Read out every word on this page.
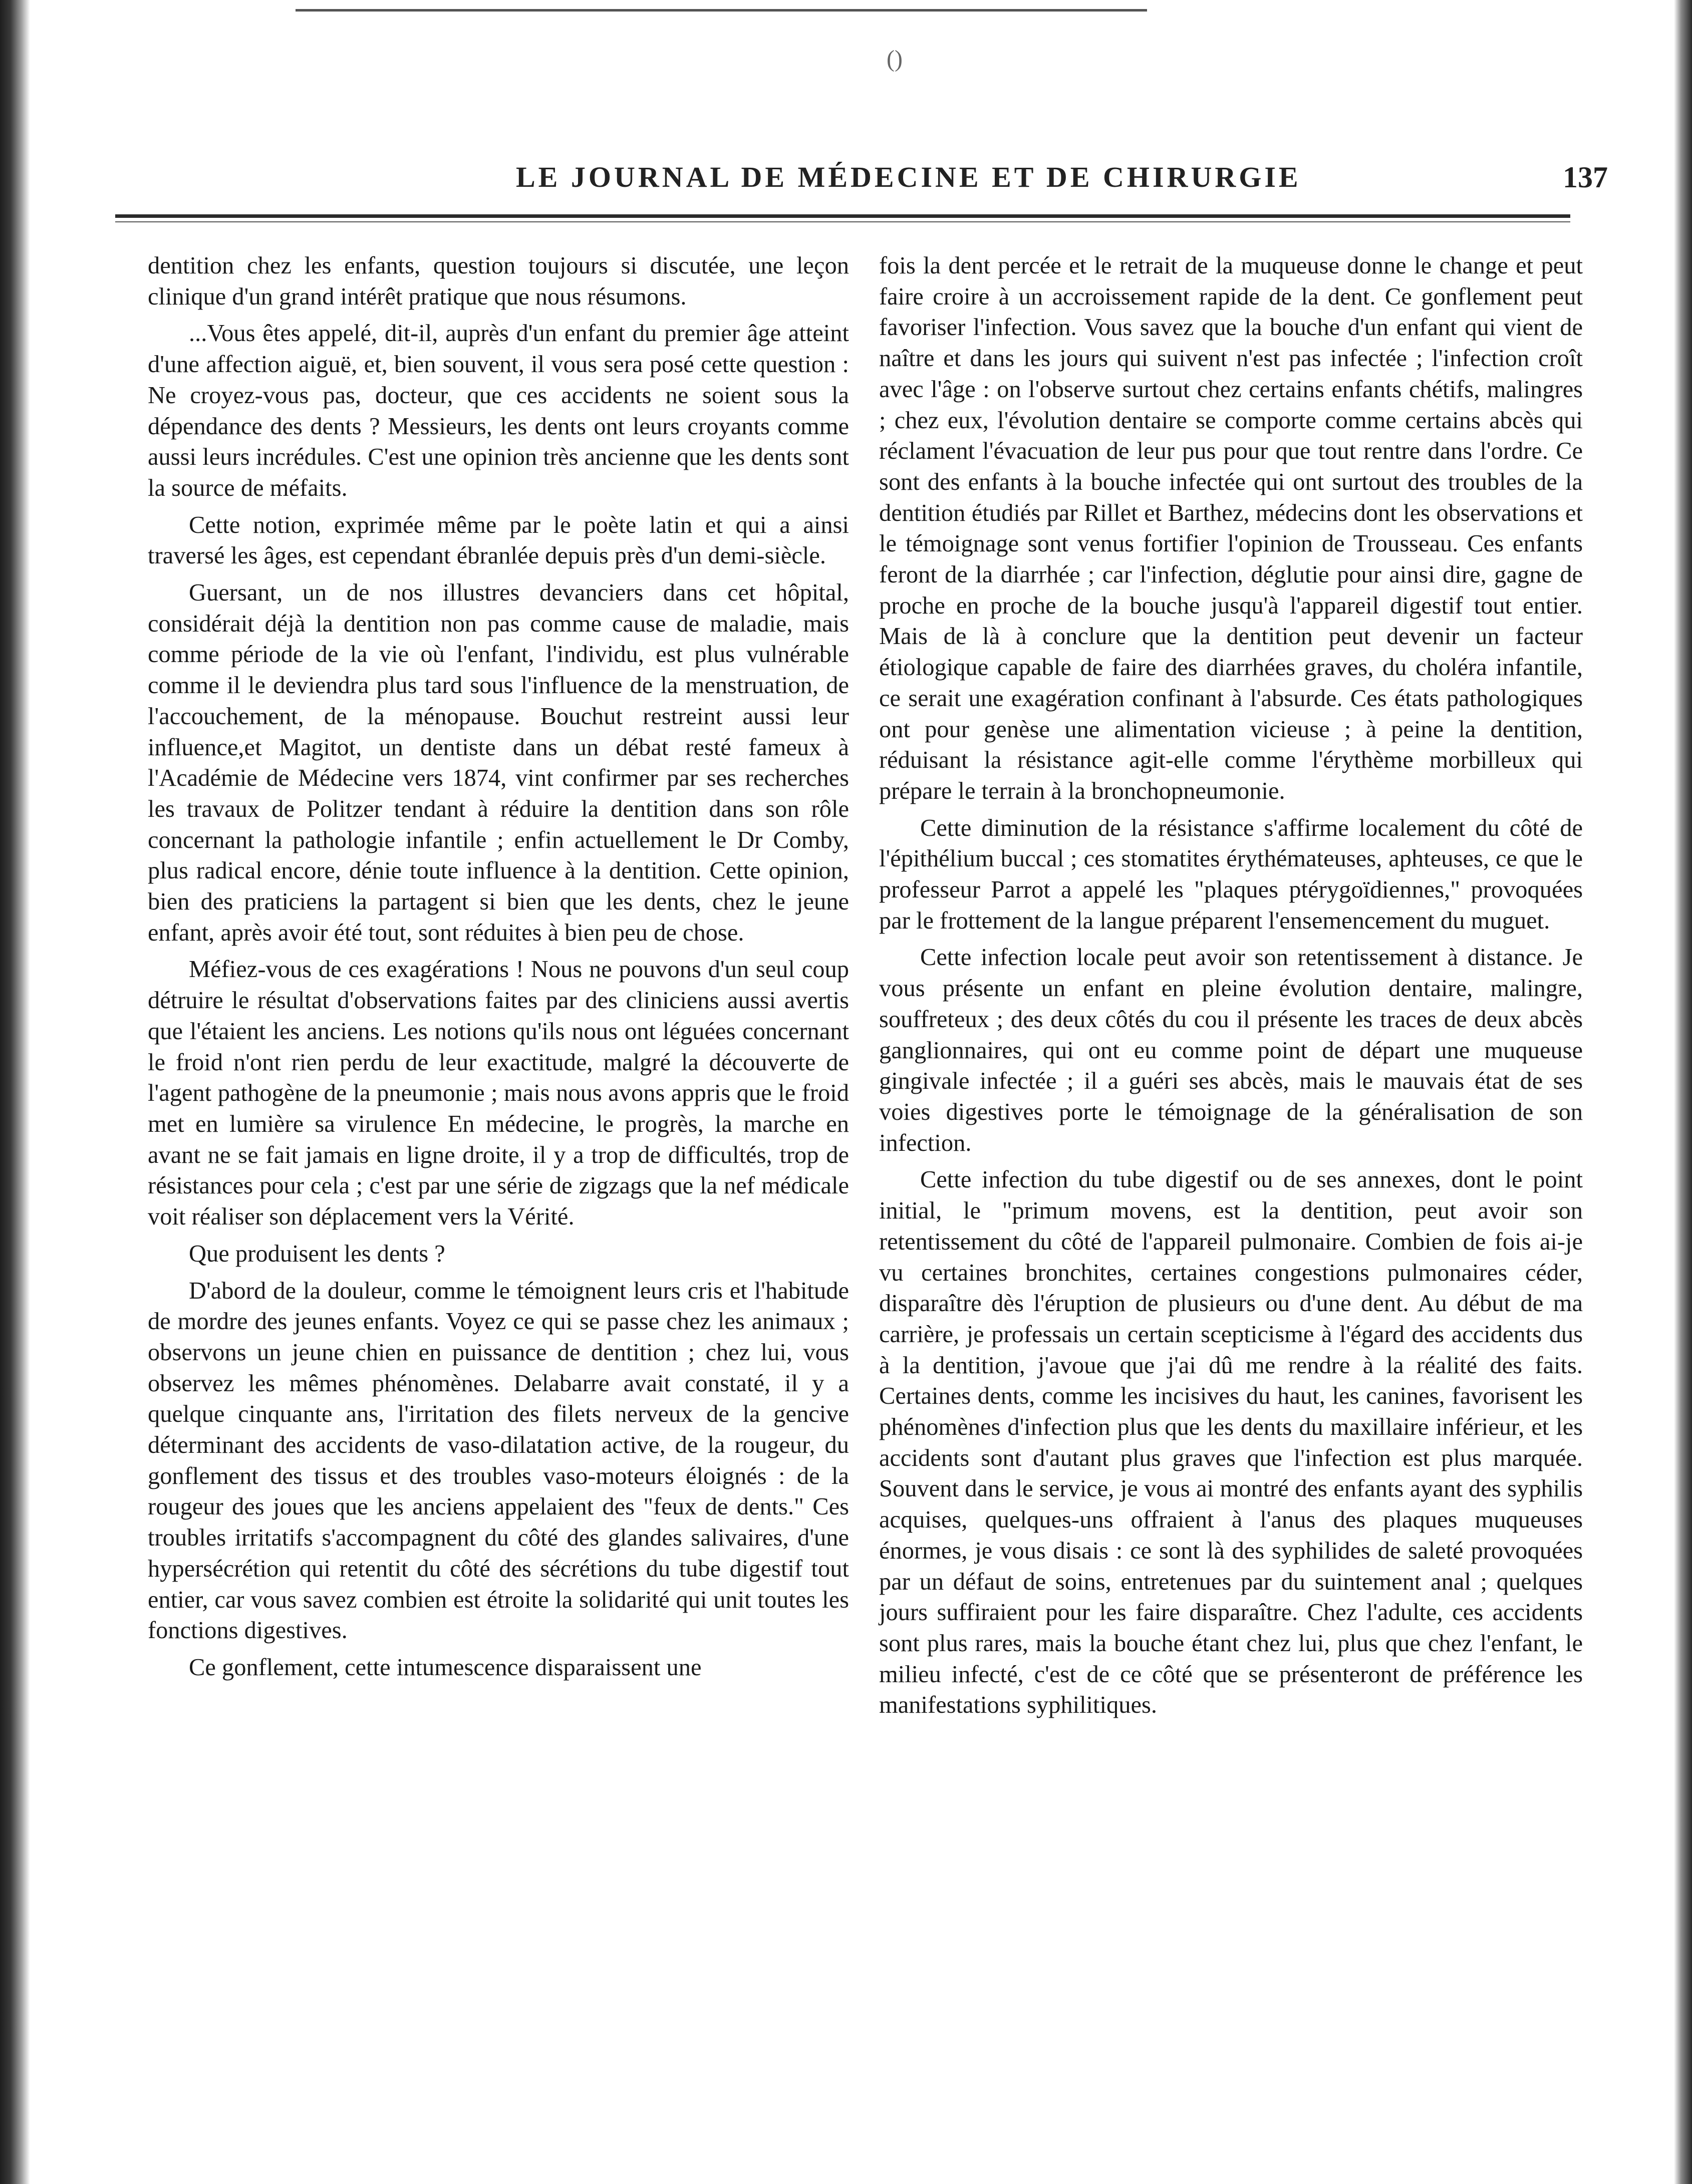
()
LE JOURNAL DE MÉDECINE ET DE CHIRURGIE	137

dentition chez les enfants, question toujours si discutée, une leçon clinique d'un grand intérêt pratique que nous résumons.

...Vous êtes appelé, dit-il, auprès d'un enfant du premier âge atteint d'une affection aiguë, et, bien souvent, il vous sera posé cette question : Ne croyez-vous pas, docteur, que ces accidents ne soient sous la dépendance des dents ? Messieurs, les dents ont leurs croyants comme aussi leurs incrédules. C'est une opinion très ancienne que les dents sont la source de méfaits.

Cette notion, exprimée même par le poète latin et qui a ainsi traversé les âges, est cependant ébranlée depuis près d'un demi-siècle.

Guersant, un de nos illustres devanciers dans cet hôpital, considérait déjà la dentition non pas comme cause de maladie, mais comme période de la vie où l'enfant, l'individu, est plus vulnérable comme il le deviendra plus tard sous l'influence de la menstruation, de l'accouchement, de la ménopause. Bouchut restreint aussi leur influence,et Magitot, un dentiste dans un débat resté fameux à l'Académie de Médecine vers 1874, vint confirmer par ses recherches les travaux de Politzer tendant à réduire la dentition dans son rôle concernant la pathologie infantile ; enfin actuellement le Dr Comby, plus radical encore, dénie toute influence à la dentition. Cette opinion, bien des praticiens la partagent si bien que les dents, chez le jeune enfant, après avoir été tout, sont réduites à bien peu de chose.

Méfiez-vous de ces exagérations ! Nous ne pouvons d'un seul coup détruire le résultat d'observations faites par des cliniciens aussi avertis que l'étaient les anciens. Les notions qu'ils nous ont léguées concernant le froid n'ont rien perdu de leur exactitude, malgré la découverte de l'agent pathogène de la pneumonie ; mais nous avons appris que le froid met en lumière sa virulence En médecine, le progrès, la marche en avant ne se fait jamais en ligne droite, il y a trop de difficultés, trop de résistances pour cela ; c'est par une série de zigzags que la nef médicale voit réaliser son déplacement vers la Vérité.

Que produisent les dents ?

D'abord de la douleur, comme le témoignent leurs cris et l'habitude de mordre des jeunes enfants. Voyez ce qui se passe chez les animaux ; observons un jeune chien en puissance de dentition ; chez lui, vous observez les mêmes phénomènes. Delabarre avait constaté, il y a quelque cinquante ans, l'irritation des filets nerveux de la gencive déterminant des accidents de vaso-dilatation active, de la rougeur, du gonflement des tissus et des troubles vaso-moteurs éloignés : de la rougeur des joues que les anciens appelaient des "feux de dents." Ces troubles irritatifs s'accompagnent du côté des glandes salivaires, d'une hypersécrétion qui retentit du côté des sécrétions du tube digestif tout entier, car vous savez combien est étroite la solidarité qui unit toutes les fonctions digestives.

Ce gonflement, cette intumescence disparaissent une

fois la dent percée et le retrait de la muqueuse donne le change et peut faire croire à un accroissement rapide de la dent. Ce gonflement peut favoriser l'infection. Vous savez que la bouche d'un enfant qui vient de naître et dans les jours qui suivent n'est pas infectée ; l'infection croît avec l'âge : on l'observe surtout chez certains enfants chétifs, malingres ; chez eux, l'évolution dentaire se comporte comme certains abcès qui réclament l'évacuation de leur pus pour que tout rentre dans l'ordre. Ce sont des enfants à la bouche infectée qui ont surtout des troubles de la dentition étudiés par Rillet et Barthez, médecins dont les observations et le témoignage sont venus fortifier l'opinion de Trousseau. Ces enfants feront de la diarrhée ; car l'infection, déglutie pour ainsi dire, gagne de proche en proche de la bouche jusqu'à l'appareil digestif tout entier. Mais de là à conclure que la dentition peut devenir un facteur étiologique capable de faire des diarrhées graves, du choléra infantile, ce serait une exagération confinant à l'absurde. Ces états pathologiques ont pour genèse une alimentation vicieuse ; à peine la dentition, réduisant la résistance agit-elle comme l'érythème morbilleux qui prépare le terrain à la bronchopneumonie.

Cette diminution de la résistance s'affirme localement du côté de l'épithélium buccal ; ces stomatites érythémateuses, aphteuses, ce que le professeur Parrot a appelé les "plaques ptérygoïdiennes," provoquées par le frottement de la langue préparent l'ensemencement du muguet.

Cette infection locale peut avoir son retentissement à distance. Je vous présente un enfant en pleine évolution dentaire, malingre, souffreteux ; des deux côtés du cou il présente les traces de deux abcès ganglionnaires, qui ont eu comme point de départ une muqueuse gingivale infectée ; il a guéri ses abcès, mais le mauvais état de ses voies digestives porte le témoignage de la généralisation de son infection.

Cette infection du tube digestif ou de ses annexes, dont le point initial, le "primum movens, est la dentition, peut avoir son retentissement du côté de l'appareil pulmonaire. Combien de fois ai-je vu certaines bronchites, certaines congestions pulmonaires céder, disparaître dès l'éruption de plusieurs ou d'une dent. Au début de ma carrière, je professais un certain scepticisme à l'égard des accidents dus à la dentition, j'avoue que j'ai dû me rendre à la réalité des faits. Certaines dents, comme les incisives du haut, les canines, favorisent les phénomènes d'infection plus que les dents du maxillaire inférieur, et les accidents sont d'autant plus graves que l'infection est plus marquée. Souvent dans le service, je vous ai montré des enfants ayant des syphilis acquises, quelques-uns offraient à l'anus des plaques muqueuses énormes, je vous disais : ce sont là des syphilides de saleté provoquées par un défaut de soins, entretenues par du suintement anal ; quelques jours suffiraient pour les faire disparaître. Chez l'adulte, ces accidents sont plus rares, mais la bouche étant chez lui, plus que chez l'enfant, le milieu infecté, c'est de ce côté que se présenteront de préférence les manifestations syphilitiques.
